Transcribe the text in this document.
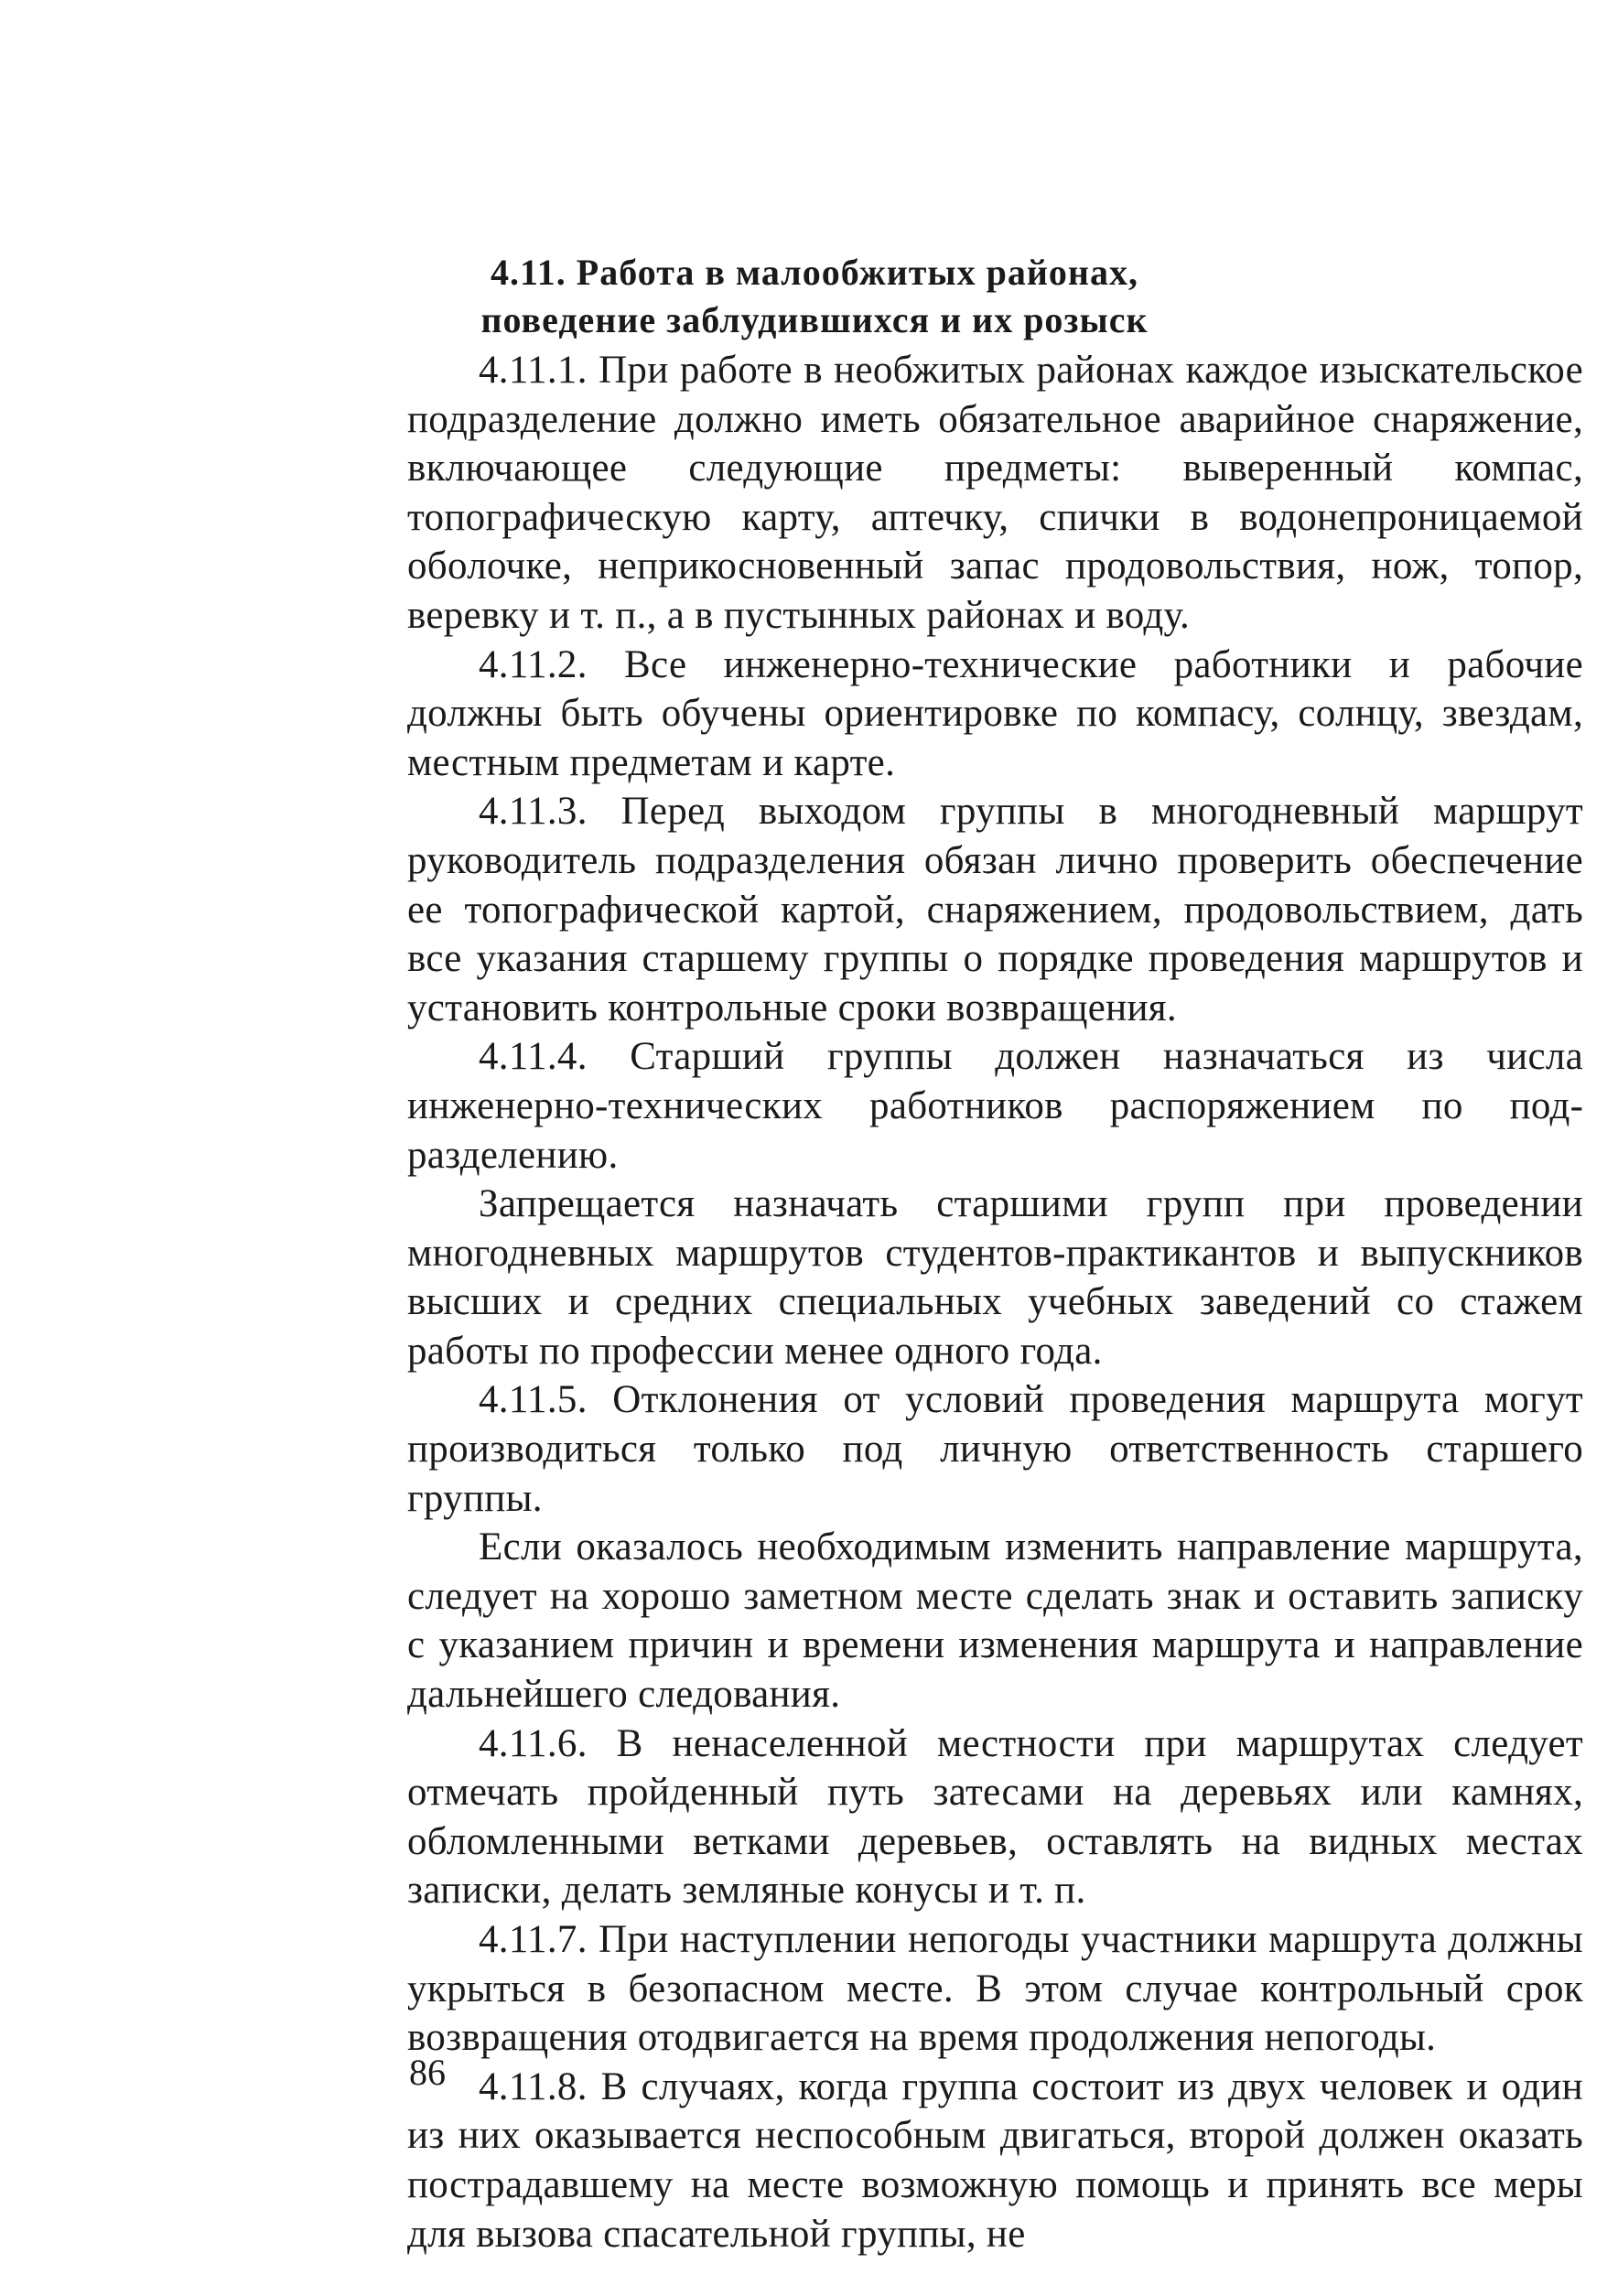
4.11. Работа в малообжитых районах,
поведение заблудившихся и их розыск

4.11.1. При работе в необжитых районах каждое изыскательское подразделение должно иметь обязательное аварийное снаряжение, включающее следующие предметы: выверенный компас, топографическую карту, аптечку, спички в водонепроницаемой оболочке, неприкосновенный запас продовольствия, нож, топор, веревку и т. п., а в пустынных районах и воду.

4.11.2. Все инженерно-технические работники и рабочие должны быть обучены ориентировке по компасу, солнцу, звездам, местным предметам и карте.

4.11.3. Перед выходом группы в многодневный маршрут руководитель подразделения обязан лично проверить обеспечение ее топографической картой, снаряжением, продовольствием, дать все указания старшему группы о порядке проведения маршрутов и установить контрольные сроки возвращения.

4.11.4. Старший группы должен назначаться из числа инженерно-технических работников распоряжением по подразделению.

Запрещается назначать старшими групп при проведении многодневных маршрутов студентов-практикантов и выпускников высших и средних специальных учебных заведений со стажем работы по профессии менее одного года.

4.11.5. Отклонения от условий проведения маршрута могут производиться только под личную ответственность старшего группы.

Если оказалось необходимым изменить направление маршрута, следует на хорошо заметном месте сделать знак и оставить записку с указанием причин и времени изменения маршрута и направление дальнейшего следования.

4.11.6. В ненаселенной местности при маршрутах следует отмечать пройденный путь затесами на деревьях или камнях, обломленными ветками деревьев, оставлять на видных местах записки, делать земляные конусы и т. п.

4.11.7. При наступлении непогоды участники маршрута должны укрыться в безопасном месте. В этом случае контрольный срок возвращения отодвигается на время продолжения непогоды.

4.11.8. В случаях, когда группа состоит из двух человек и один из них оказывается неспособным двигаться, второй должен оказать пострадавшему на месте возможную помощь и принять все меры для вызова спасательной группы, не

86
